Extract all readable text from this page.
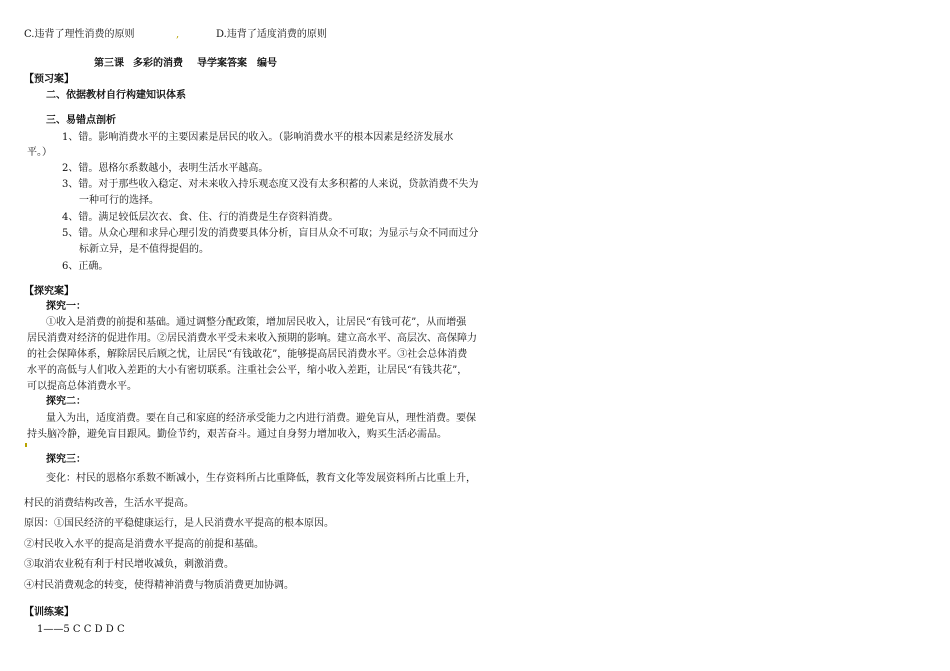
C.违背了理性消费的原则	,	D.违背了适度消费的原则
第三课 多彩的消费 导学案答案 编号
【预习案】
二、依据教材自行构建知识体系
三、易错点剖析
1、错。影响消费水平的主要因素是居民的收入。（影响消费水平的根本因素是经济发展水
平。）
2、错。恩格尔系数越小，表明生活水平越高。
3、错。对于那些收入稳定、对未来收入持乐观态度又没有太多积蓄的人来说，贷款消费不失为
一种可行的选择。
4、错。满足较低层次衣、食、住、行的消费是生存资料消费。
5、错。从众心理和求异心理引发的消费要具体分析，盲目从众不可取；为显示与众不同而过分
标新立异，是不值得提倡的。
6、正确。
【探究案】
探究一：
①收入是消费的前提和基础。通过调整分配政策，增加居民收入，让居民“有钱可花”，从而增强
居民消费对经济的促进作用。②居民消费水平受未来收入预期的影响。建立高水平、高层次、高保障力
的社会保障体系，解除居民后顾之忧，让居民“有钱敢花”，能够提高居民消费水平。③社会总体消费
水平的高低与人们收入差距的大小有密切联系。注重社会公平，缩小收入差距，让居民“有钱共花”，
可以提高总体消费水平。
探究二：
量入为出，适度消费。要在自己和家庭的经济承受能力之内进行消费。避免盲从，理性消费。要保
持头脑冷静，避免盲目跟风。勤俭节约，艰苦奋斗。通过自身努力增加收入，购买生活必需品。
探究三：
变化：村民的恩格尔系数不断减小，生存资料所占比重降低，教育文化等发展资料所占比重上升，
村民的消费结构改善，生活水平提高。
原因：①国民经济的平稳健康运行，是人民消费水平提高的根本原因。
②村民收入水平的提高是消费水平提高的前提和基础。
③取消农业税有利于村民增收减负，刺激消费。
④村民消费观念的转变，使得精神消费与物质消费更加协调。
【训练案】
1——5 C C D D C
